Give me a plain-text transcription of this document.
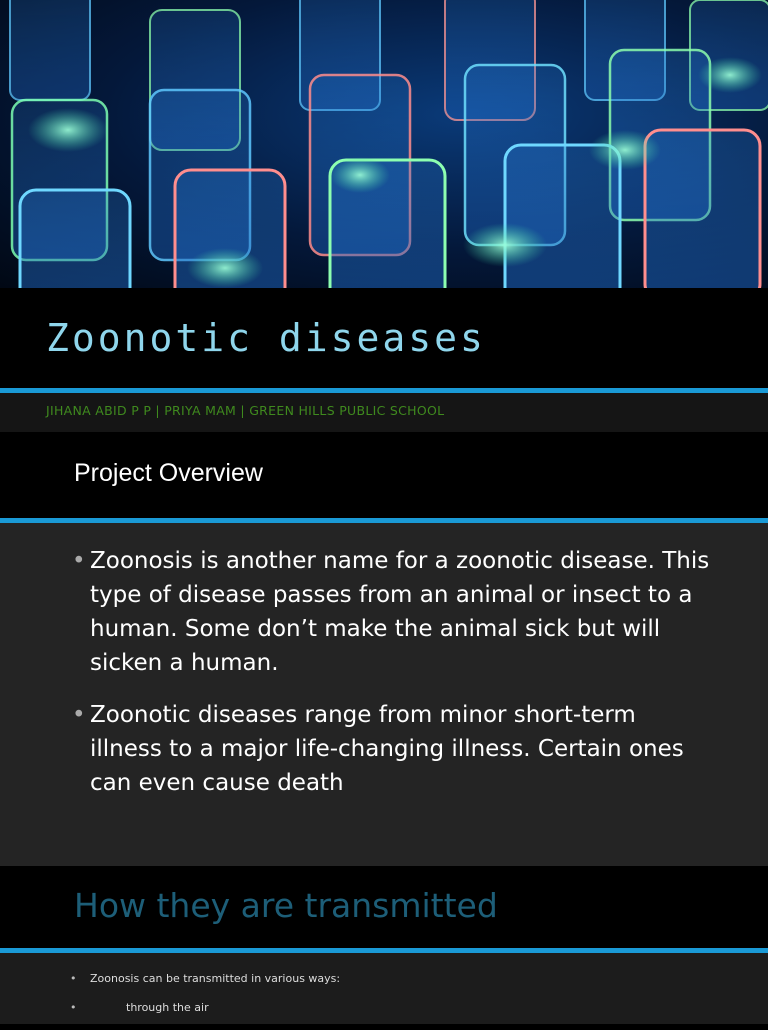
Zoonotic diseases
JIHANA ABID P P | PRIYA MAM | GREEN HILLS PUBLIC SCHOOL
Project Overview
• Zoonosis is another name for a zoonotic disease. This type of disease passes from an animal or insect to a human. Some don’t make the animal sick but will sicken a human.
• Zoonotic diseases range from minor short-term illness to a major life-changing illness. Certain ones can even cause death
How they are transmitted
• Zoonosis can be transmitted in various ways:
•	through the air
